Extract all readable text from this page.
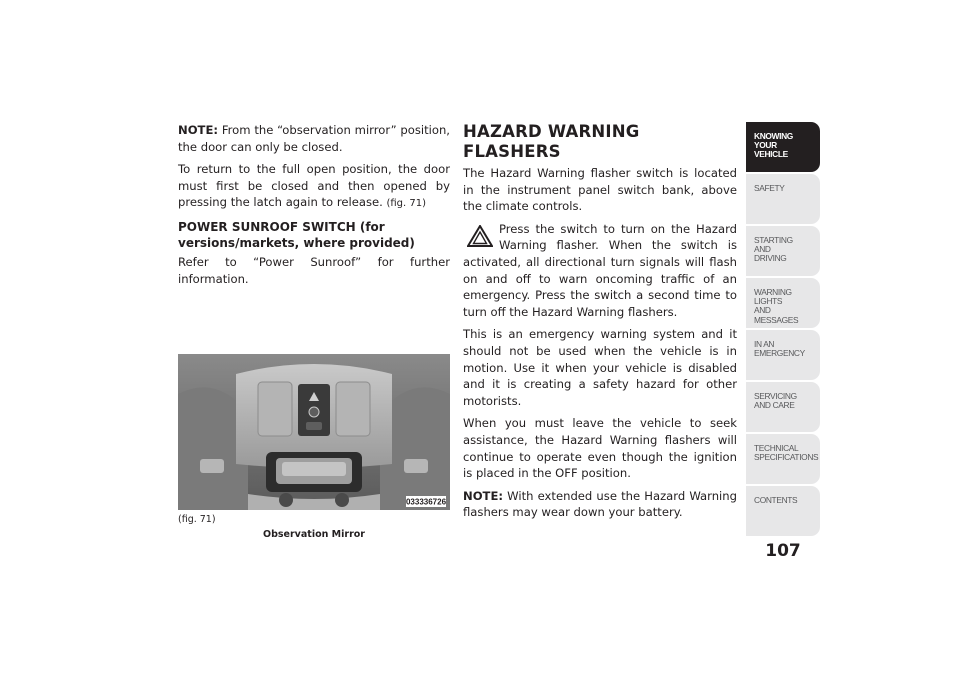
NOTE: From the “observation mirror” position, the door can only be closed.

To return to the full open position, the door must first be closed and then opened by pressing the latch again to release. (fig. 71)

POWER SUNROOF SWITCH (for versions/markets, where provided)

Refer to “Power Sunroof” for further information.

033336726
(fig. 71)
Observation Mirror
HAZARD WARNING FLASHERS

The Hazard Warning flasher switch is located in the instrument panel switch bank, above the climate controls.

Press the switch to turn on the Hazard Warning flasher. When the switch is activated, all directional turn signals will flash on and off to warn oncoming traffic of an emergency. Press the switch a second time to turn off the Hazard Warning flashers.

This is an emergency warning system and it should not be used when the vehicle is in motion. Use it when your vehicle is disabled and it is creating a safety hazard for other motorists.

When you must leave the vehicle to seek assistance, the Hazard Warning flashers will continue to operate even though the ignition is placed in the OFF position.

NOTE: With extended use the Hazard Warning flashers may wear down your battery.

KNOWING
YOUR
VEHICLE
SAFETY
STARTING
AND
DRIVING
WARNING
LIGHTS
AND
MESSAGES
IN AN
EMERGENCY
SERVICING
AND CARE
TECHNICAL
SPECIFICATIONS
CONTENTS
107
